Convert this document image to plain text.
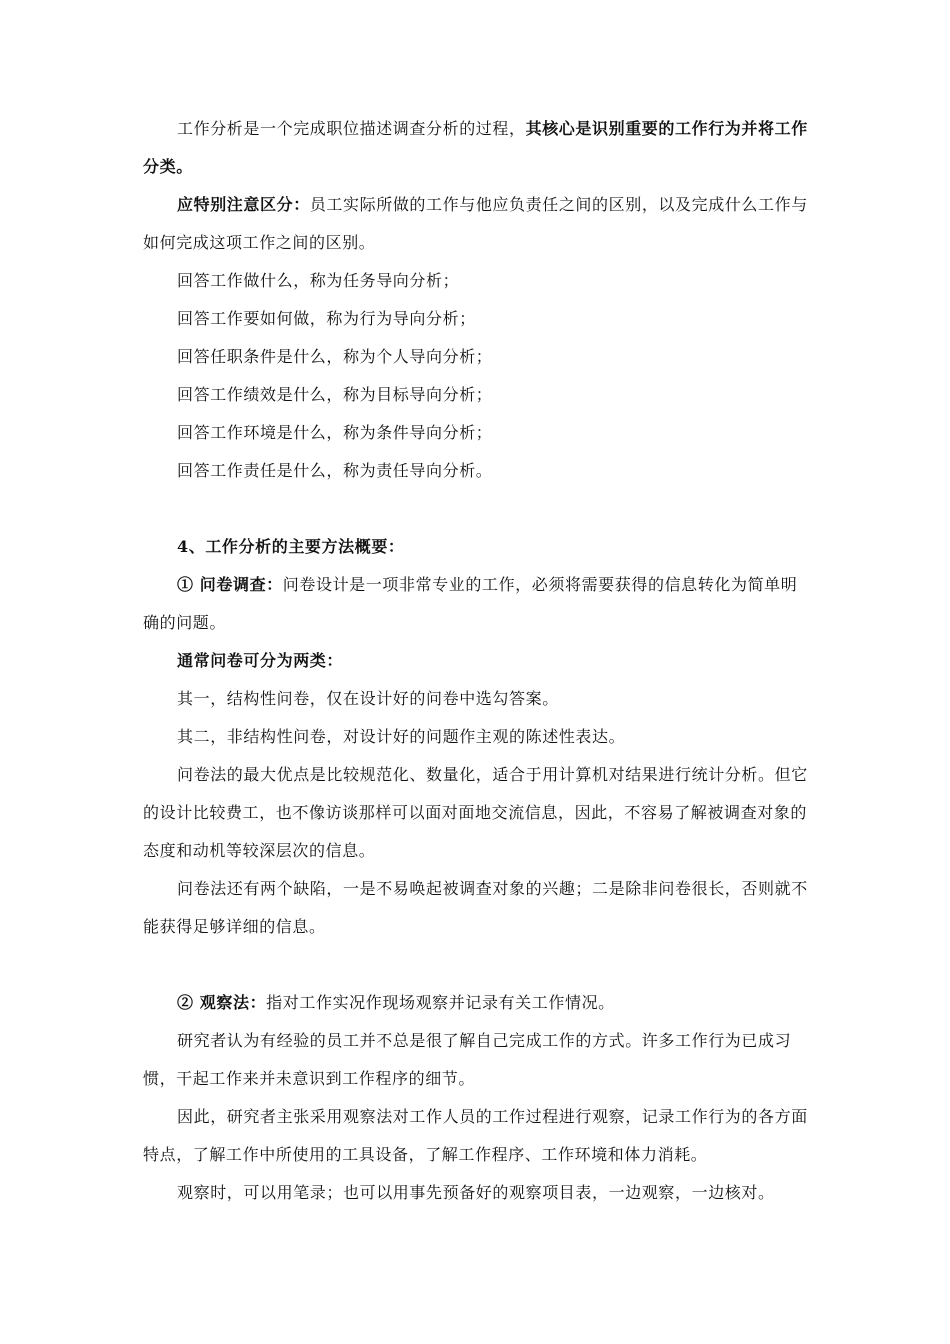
工作分析是一个完成职位描述调查分析的过程，其核心是识别重要的工作行为并将工作分类。

应特别注意区分：员工实际所做的工作与他应负责任之间的区别，以及完成什么工作与如何完成这项工作之间的区别。

回答工作做什么，称为任务导向分析；

回答工作要如何做，称为行为导向分析；

回答任职条件是什么，称为个人导向分析；

回答工作绩效是什么，称为目标导向分析；

回答工作环境是什么，称为条件导向分析；

回答工作责任是什么，称为责任导向分析。

4、工作分析的主要方法概要：

① 问卷调查：问卷设计是一项非常专业的工作，必须将需要获得的信息转化为简单明确的问题。

通常问卷可分为两类：

其一，结构性问卷，仅在设计好的问卷中选勾答案。

其二，非结构性问卷，对设计好的问题作主观的陈述性表达。

问卷法的最大优点是比较规范化、数量化，适合于用计算机对结果进行统计分析。但它的设计比较费工，也不像访谈那样可以面对面地交流信息，因此，不容易了解被调查对象的态度和动机等较深层次的信息。

问卷法还有两个缺陷，一是不易唤起被调查对象的兴趣；二是除非问卷很长，否则就不能获得足够详细的信息。

② 观察法：指对工作实况作现场观察并记录有关工作情况。

研究者认为有经验的员工并不总是很了解自己完成工作的方式。许多工作行为已成习惯，干起工作来并未意识到工作程序的细节。

因此，研究者主张采用观察法对工作人员的工作过程进行观察，记录工作行为的各方面特点，了解工作中所使用的工具设备，了解工作程序、工作环境和体力消耗。

观察时，可以用笔录；也可以用事先预备好的观察项目表，一边观察，一边核对。
